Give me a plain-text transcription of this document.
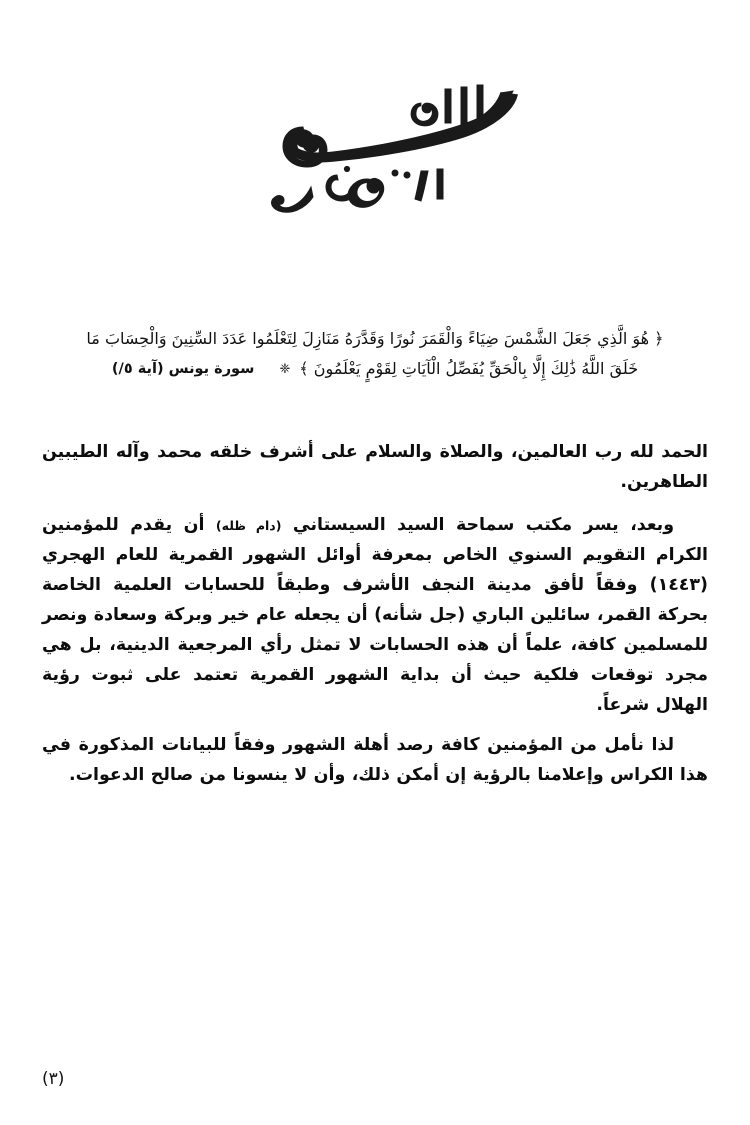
﴿ هُوَ الَّذِي جَعَلَ الشَّمْسَ ضِيَاءً وَالْقَمَرَ نُورًا وَقَدَّرَهُ مَنَازِلَ لِتَعْلَمُوا عَدَدَ السِّنِينَ وَالْحِسَابَ مَا
خَلَقَ اللَّهُ ذَٰلِكَ إِلَّا بِالْحَقِّ يُفَصِّلُ الْآيَاتِ لِقَوْمٍ يَعْلَمُونَ ﴾ ❈ سورة يونس (آية ٥/)

الحمد لله رب العالمين، والصلاة والسلام على أشرف خلقه محمد وآله الطيبين الطاهرين.

وبعد، يسر مكتب سماحة السيد السيستاني (دام ظله) أن يقدم للمؤمنين الكرام التقويم السنوي الخاص بمعرفة أوائل الشهور القمرية للعام الهجري (١٤٤٣) وفقاً لأفق مدينة النجف الأشرف وطبقاً للحسابات العلمية الخاصة بحركة القمر، سائلين الباري (جل شأنه) أن يجعله عام خير وبركة وسعادة ونصر للمسلمين كافة، علماً أن هذه الحسابات لا تمثل رأي المرجعية الدينية، بل هي مجرد توقعات فلكية حيث أن بداية الشهور القمرية تعتمد على ثبوت رؤية الهلال شرعاً.

لذا نأمل من المؤمنين كافة رصد أهلة الشهور وفقاً للبيانات المذكورة في هذا الكراس وإعلامنا بالرؤية إن أمكن ذلك، وأن لا ينسونا من صالح الدعوات.

(٣)
